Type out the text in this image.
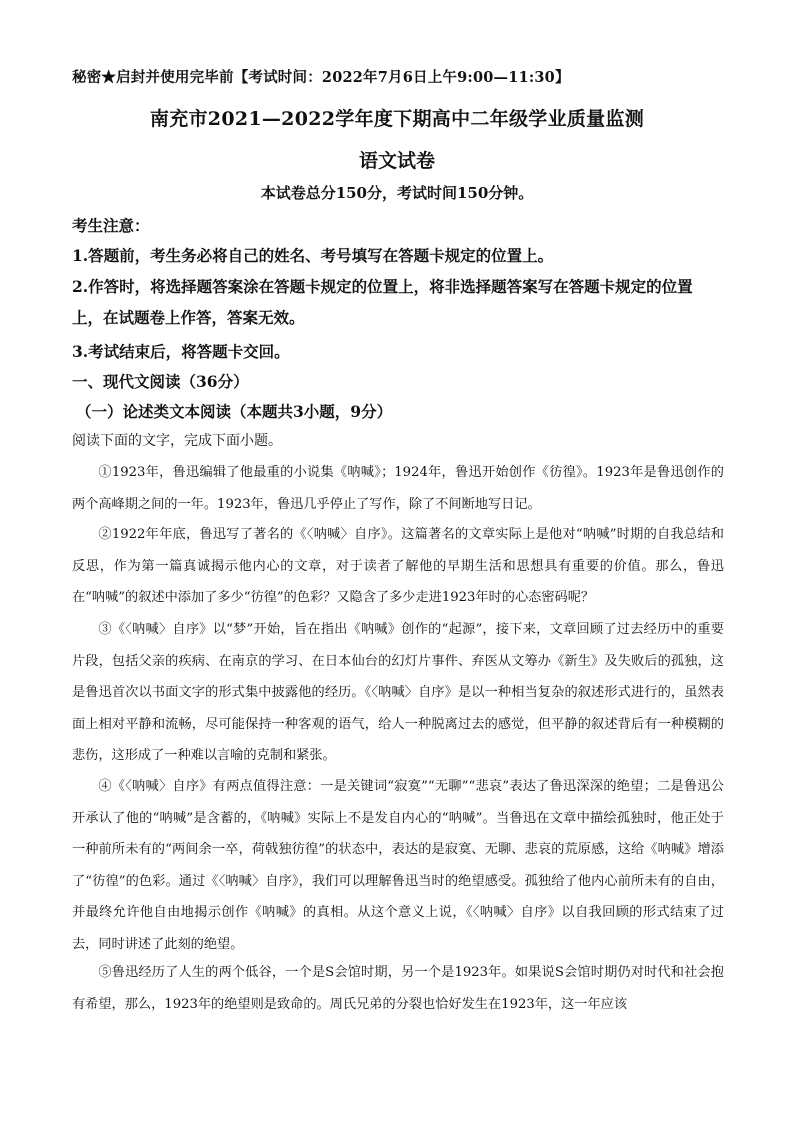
秘密★启封并使用完毕前【考试时间：2022年7月6日上午9:00—11:30】
南充市2021—2022学年度下期高中二年级学业质量监测
语文试卷
本试卷总分150分，考试时间150分钟。
考生注意：
1.答题前，考生务必将自己的姓名、考号填写在答题卡规定的位置上。
2.作答时，将选择题答案涂在答题卡规定的位置上，将非选择题答案写在答题卡规定的位置
上，在试题卷上作答，答案无效。
3.考试结束后，将答题卡交回。
一、现代文阅读（36分）
（一）论述类文本阅读（本题共3小题，9分）
阅读下面的文字，完成下面小题。
①1923年，鲁迅编辑了他最重的小说集《呐喊》；1924年，鲁迅开始创作《彷徨》。1923年是鲁迅创作的两个高峰期之间的一年。1923年，鲁迅几乎停止了写作，除了不间断地写日记。
②1922年年底，鲁迅写了著名的《〈呐喊〉自序》。这篇著名的文章实际上是他对“呐喊”时期的自我总结和反思，作为第一篇真诚揭示他内心的文章，对于读者了解他的早期生活和思想具有重要的价值。那么，鲁迅在“呐喊”的叙述中添加了多少“彷徨”的色彩？又隐含了多少走进1923年时的心态密码呢？
③《〈呐喊〉自序》以“梦”开始，旨在指出《呐喊》创作的“起源”，接下来，文章回顾了过去经历中的重要片段，包括父亲的疾病、在南京的学习、在日本仙台的幻灯片事件、弃医从文筹办《新生》及失败后的孤独，这是鲁迅首次以书面文字的形式集中披露他的经历。《〈呐喊〉自序》是以一种相当复杂的叙述形式进行的，虽然表面上相对平静和流畅，尽可能保持一种客观的语气，给人一种脱离过去的感觉，但平静的叙述背后有一种模糊的悲伤，这形成了一种难以言喻的克制和紧张。
④《〈呐喊〉自序》有两点值得注意：一是关键词“寂寞”“无聊”“悲哀”表达了鲁迅深深的绝望；二是鲁迅公开承认了他的“呐喊”是含蓄的，《呐喊》实际上不是发自内心的“呐喊”。当鲁迅在文章中描绘孤独时，他正处于一种前所未有的“两间余一卒，荷戟独彷徨”的状态中，表达的是寂寞、无聊、悲哀的荒原感，这给《呐喊》增添了“彷徨”的色彩。通过《〈呐喊〉自序》，我们可以理解鲁迅当时的绝望感受。孤独给了他内心前所未有的自由，并最终允许他自由地揭示创作《呐喊》的真相。从这个意义上说，《〈呐喊〉自序》以自我回顾的形式结束了过去，同时讲述了此刻的绝望。
⑤鲁迅经历了人生的两个低谷，一个是S会馆时期，另一个是1923年。如果说S会馆时期仍对时代和社会抱有希望，那么，1923年的绝望则是致命的。周氏兄弟的分裂也恰好发生在1923年，这一年应该
